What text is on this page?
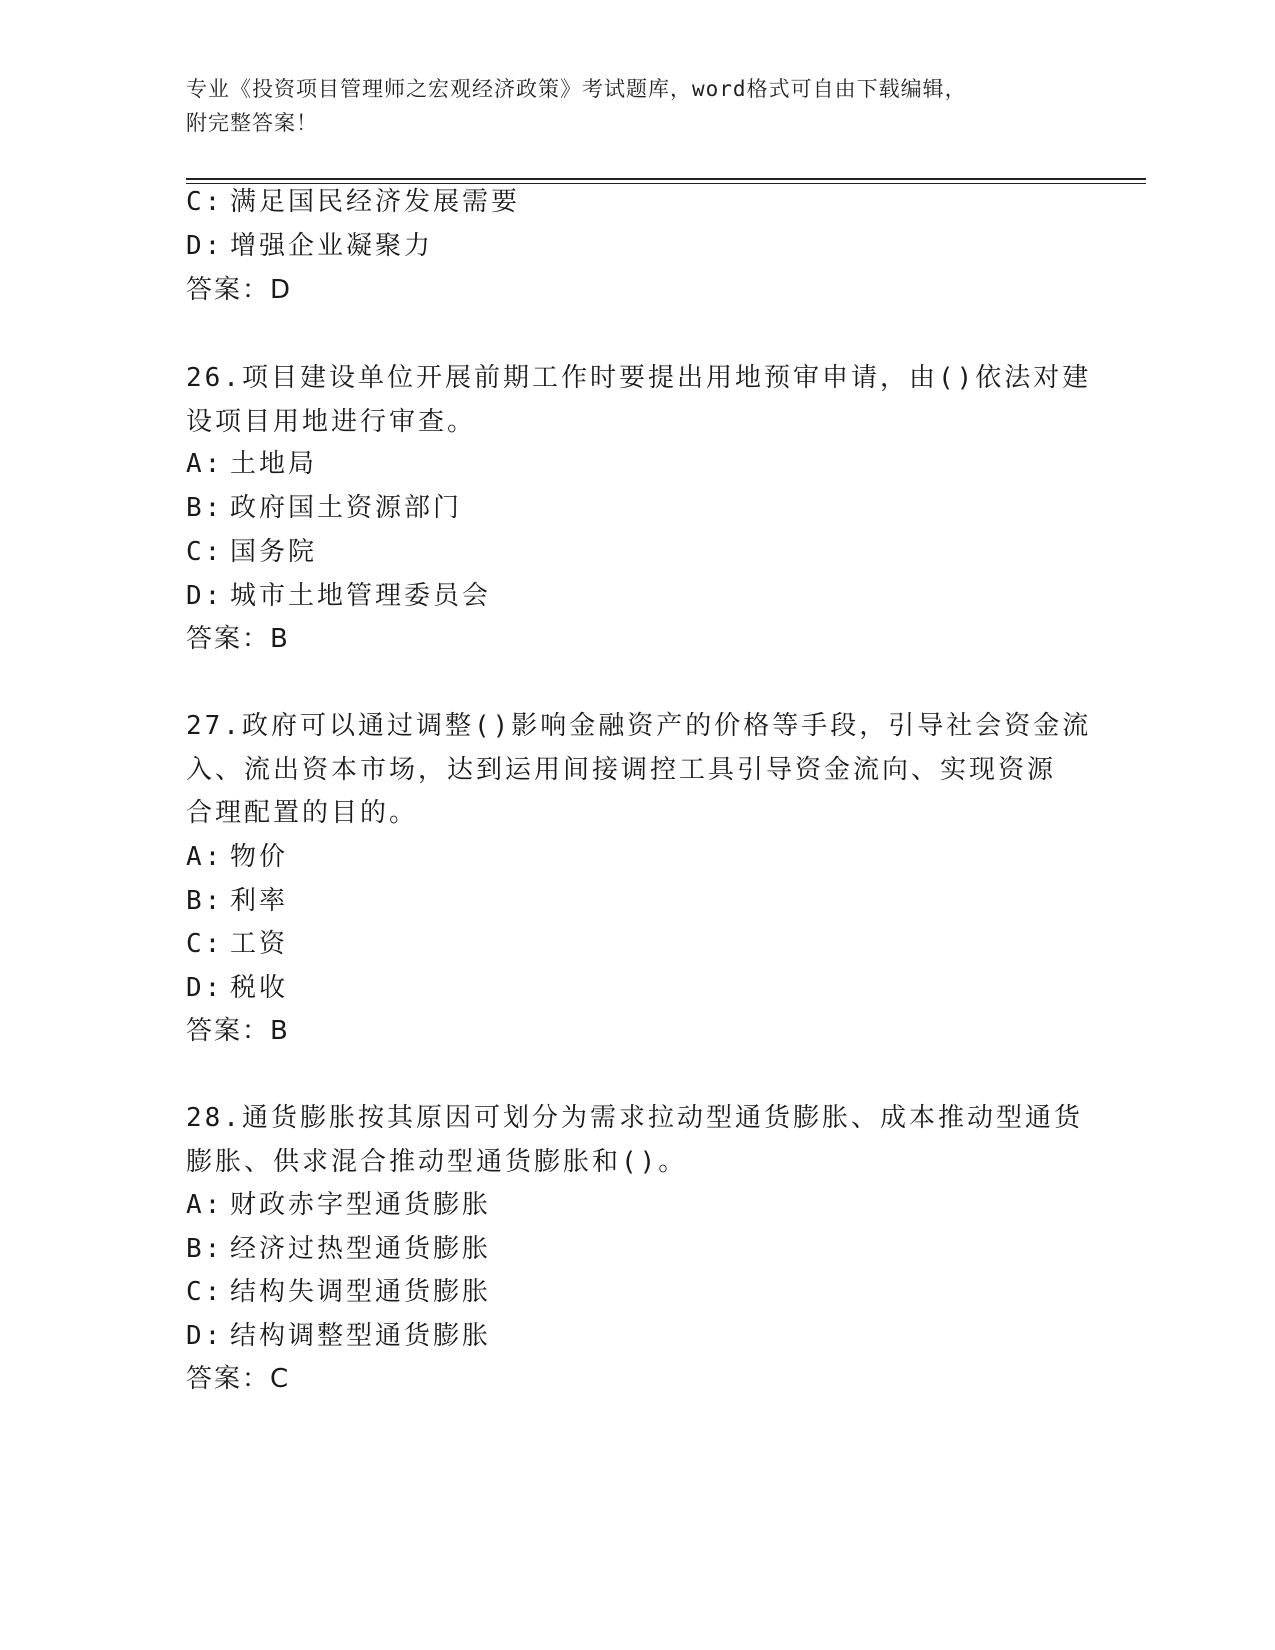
专业《投资项目管理师之宏观经济政策》考试题库，word格式可自由下载编辑，
附完整答案！
C: 满足国民经济发展需要
D: 增强企业凝聚力
答案：D
26.项目建设单位开展前期工作时要提出用地预审申请，由()依法对建
设项目用地进行审查。
A: 土地局
B: 政府国土资源部门
C: 国务院
D: 城市土地管理委员会
答案：B
27.政府可以通过调整()影响金融资产的价格等手段，引导社会资金流
入、流出资本市场，达到运用间接调控工具引导资金流向、实现资源
合理配置的目的。
A: 物价
B: 利率
C: 工资
D: 税收
答案：B
28.通货膨胀按其原因可划分为需求拉动型通货膨胀、成本推动型通货
膨胀、供求混合推动型通货膨胀和()。
A: 财政赤字型通货膨胀
B: 经济过热型通货膨胀
C: 结构失调型通货膨胀
D: 结构调整型通货膨胀
答案：C
